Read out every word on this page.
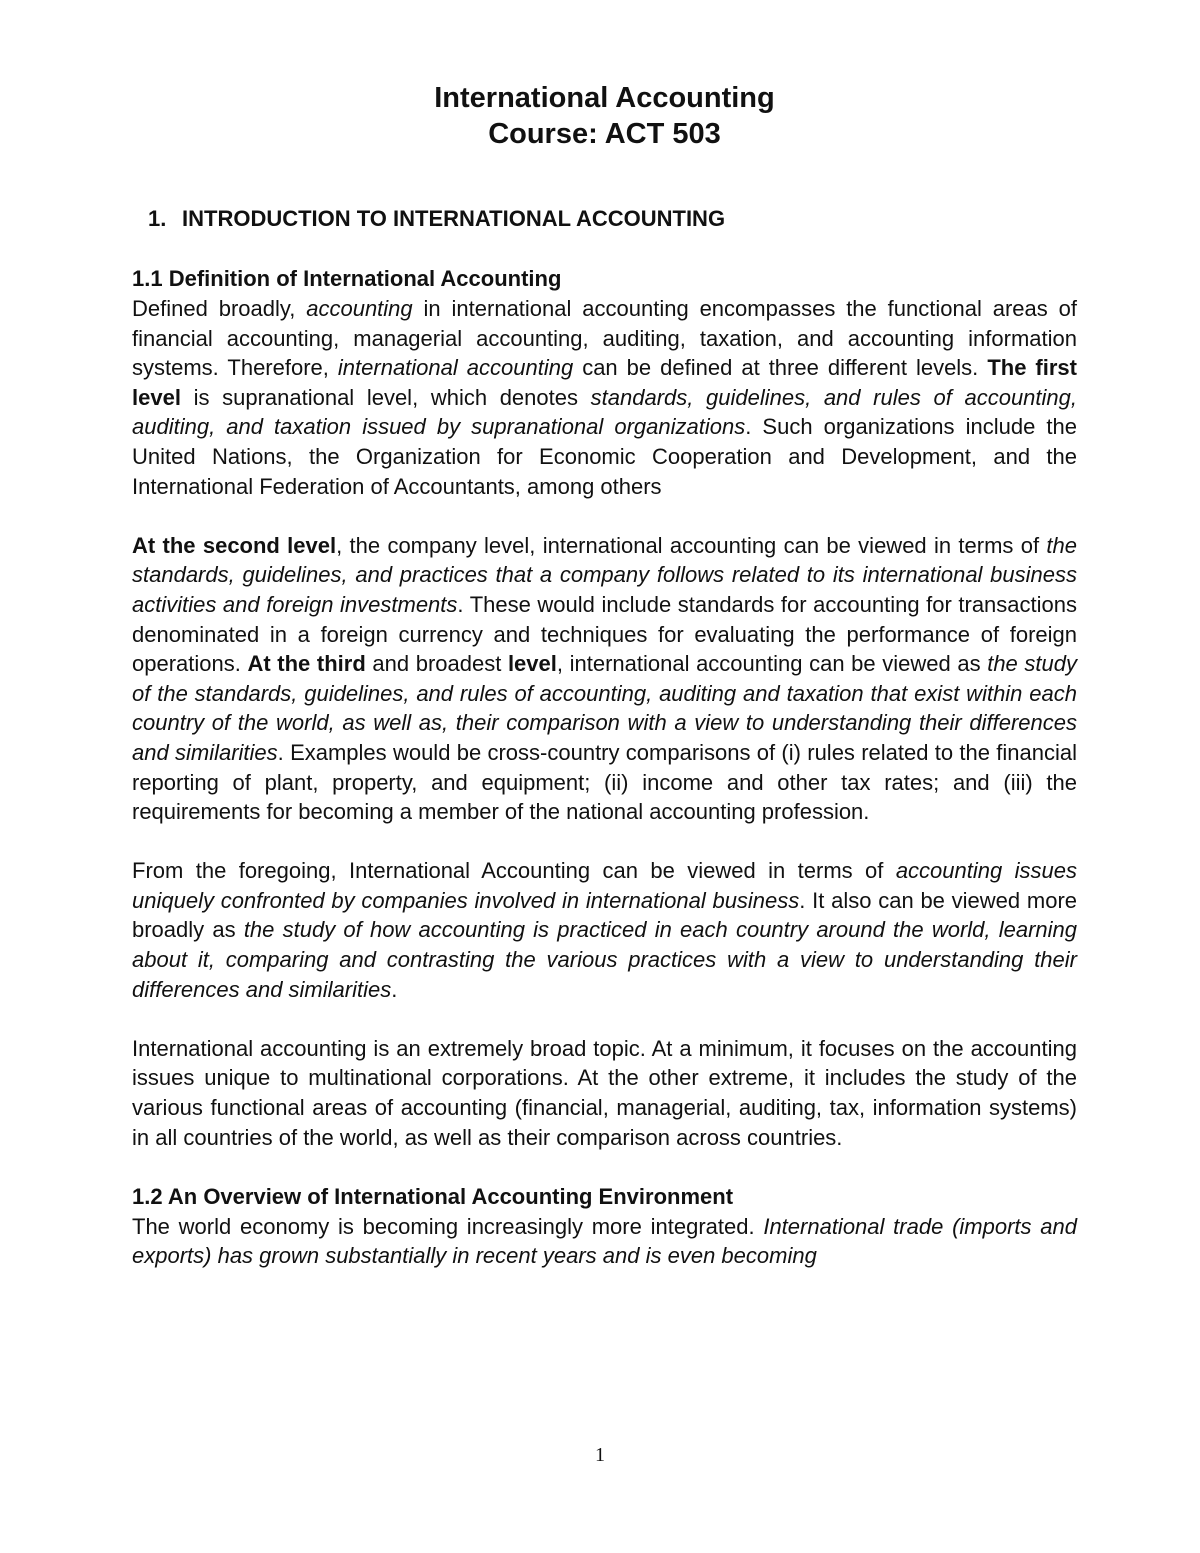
International Accounting
Course: ACT 503
1. INTRODUCTION TO INTERNATIONAL ACCOUNTING
1.1 Definition of International Accounting

Defined broadly, accounting in international accounting encompasses the functional areas of financial accounting, managerial accounting, auditing, taxation, and accounting information systems. Therefore, international accounting can be defined at three different levels. The first level is supranational level, which denotes standards, guidelines, and rules of accounting, auditing, and taxation issued by supranational organizations. Such organizations include the United Nations, the Organization for Economic Cooperation and Development, and the International Federation of Accountants, among others

At the second level, the company level, international accounting can be viewed in terms of the standards, guidelines, and practices that a company follows related to its international business activities and foreign investments. These would include standards for accounting for transactions denominated in a foreign currency and techniques for evaluating the performance of foreign operations. At the third and broadest level, international accounting can be viewed as the study of the standards, guidelines, and rules of accounting, auditing and taxation that exist within each country of the world, as well as, their comparison with a view to understanding their differences and similarities. Examples would be cross-country comparisons of (i) rules related to the financial reporting of plant, property, and equipment; (ii) income and other tax rates; and (iii) the requirements for becoming a member of the national accounting profession.

From the foregoing, International Accounting can be viewed in terms of accounting issues uniquely confronted by companies involved in international business. It also can be viewed more broadly as the study of how accounting is practiced in each country around the world, learning about it, comparing and contrasting the various practices with a view to understanding their differences and similarities.

International accounting is an extremely broad topic. At a minimum, it focuses on the accounting issues unique to multinational corporations. At the other extreme, it includes the study of the various functional areas of accounting (financial, managerial, auditing, tax, information systems) in all countries of the world, as well as their comparison across countries.

1.2 An Overview of International Accounting Environment

The world economy is becoming increasingly more integrated. International trade (imports and exports) has grown substantially in recent years and is even becoming

1
